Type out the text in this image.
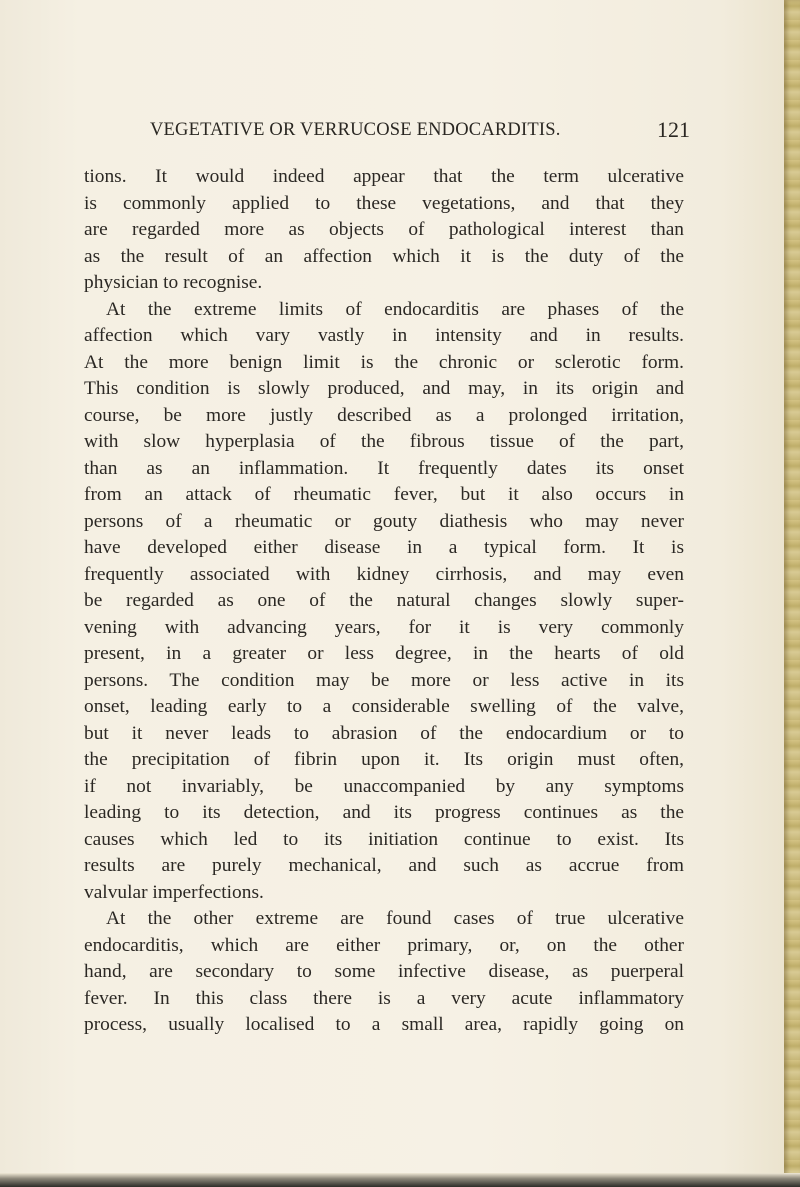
VEGETATIVE OR VERRUCOSE ENDOCARDITIS.	121
tions. It would indeed appear that the term ulcerative
is commonly applied to these vegetations, and that they
are regarded more as objects of pathological interest than
as the result of an affection which it is the duty of the
physician to recognise.
At the extreme limits of endocarditis are phases of the
affection which vary vastly in intensity and in results.
At the more benign limit is the chronic or sclerotic form.
This condition is slowly produced, and may, in its origin and
course, be more justly described as a prolonged irritation,
with slow hyperplasia of the fibrous tissue of the part,
than as an inflammation. It frequently dates its onset
from an attack of rheumatic fever, but it also occurs in
persons of a rheumatic or gouty diathesis who may never
have developed either disease in a typical form. It is
frequently associated with kidney cirrhosis, and may even
be regarded as one of the natural changes slowly super-
vening with advancing years, for it is very commonly
present, in a greater or less degree, in the hearts of old
persons. The condition may be more or less active in its
onset, leading early to a considerable swelling of the valve,
but it never leads to abrasion of the endocardium or to
the precipitation of fibrin upon it. Its origin must often,
if not invariably, be unaccompanied by any symptoms
leading to its detection, and its progress continues as the
causes which led to its initiation continue to exist. Its
results are purely mechanical, and such as accrue from
valvular imperfections.
At the other extreme are found cases of true ulcerative
endocarditis, which are either primary, or, on the other
hand, are secondary to some infective disease, as puerperal
fever. In this class there is a very acute inflammatory
process, usually localised to a small area, rapidly going on
